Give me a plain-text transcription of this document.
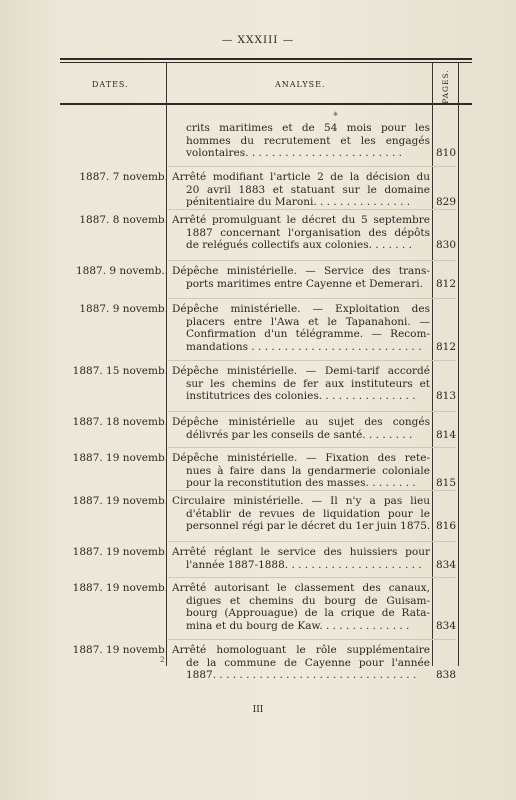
— XXXIII —
DATES.	ANALYSE.	PAGES.
✱
crits maritimes et de 54 mois pour les
hommes du recrutement et les engagés
volontaires. . . . . . . . . . . . . . . . . . . . . . . .	810
1887. 7 novemb. Arrêté modifiant l'article 2 de la décision du
20 avril 1883 et statuant sur le domaine
pénitentiaire du Maroni. . . . . . . . . . . . . . .	829
1887. 8 novemb. Arrêté promulguant le décret du 5 septembre
1887 concernant l'organisation des dépôts
de relégués collectifs aux colonies. . . . . . .	830
1887. 9 novemb.. Dépêche ministérielle. — Service des trans-
ports maritimes entre Cayenne et Demerari.	812
1887. 9 novemb. Dépêche ministérielle. — Exploitation des
placers entre l'Awa et le Tapanahoni. —
Confirmation d'un télégramme. — Recom-
mandations . . . . . . . . . . . . . . . . . . . . . . . . . .	812
1887. 15 novemb. Dépêche ministérielle. — Demi-tarif accordé
sur les chemins de fer aux instituteurs et
institutrices des colonies. . . . . . . . . . . . . . .	813
1887. 18 novemb. Dépêche ministérielle au sujet des congés
délivrés par les conseils de santé. . . . . . . .	814
1887. 19 novemb. Dépêche ministérielle. — Fixation des rete-
nues à faire dans la gendarmerie coloniale
pour la reconstitution des masses. . . . . . . .	815
1887. 19 novemb. Circulaire ministérielle. — Il n'y a pas lieu
d'établir de revues de liquidation pour le
personnel régi par le décret du 1er juin 1875. 816
1887. 19 novemb. Arrêté réglant le service des huissiers pour
l'année 1887-1888. . . . . . . . . . . . . . . . . . . . .	834
1887. 19 novemb. Arrêté autorisant le classement des canaux,
digues et chemins du bourg de Guisam-
bourg (Approuague) de la crique de Rata-
mina et du bourg de Kaw. . . . . . . . . . . . . .	834
1887. 19 novemb. Arrêté homologuant le rôle supplémentaire
de la commune de Cayenne pour l'année
1887. . . . . . . . . . . . . . . . . . . . . . . . . . . . . . .	838
2
III
